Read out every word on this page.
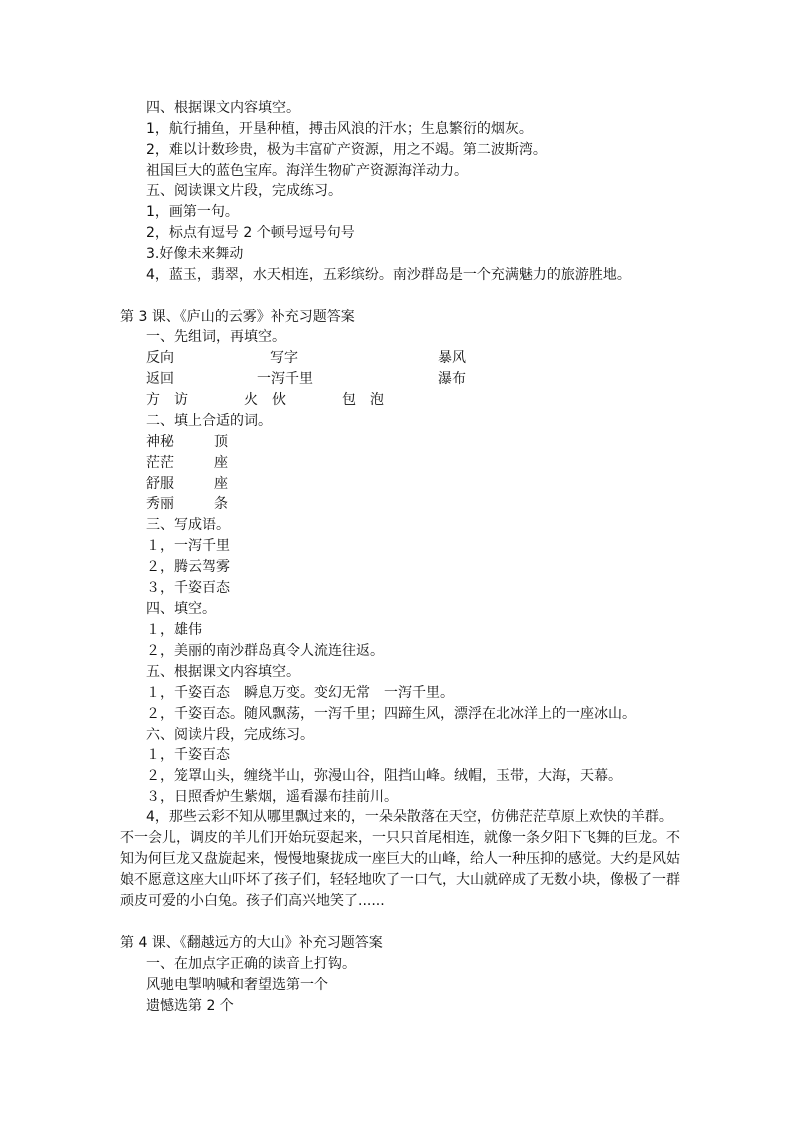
四、根据课文内容填空。
1，航行捕鱼，开垦种植，搏击风浪的汗水；生息繁衍的烟灰。
2，难以计数珍贵，极为丰富矿产资源，用之不竭。第二波斯湾。
祖国巨大的蓝色宝库。海洋生物矿产资源海洋动力。
五、阅读课文片段，完成练习。
1，画第一句。
2，标点有逗号 2 个顿号逗号句号
3.好像未来舞动
4，蓝玉，翡翠，水天相连，五彩缤纷。南沙群岛是一个充满魅力的旅游胜地。
第 3 课、《庐山的云雾》补充习题答案
一、先组词，再填空。
反向	写字	暴风
返回	一泻千里	瀑布
方　访	火　伙	包　泡
二、填上合适的词。
神秘	顶
茫茫	座
舒服	座
秀丽	条
三、写成语。
１，一泻千里
２，腾云驾雾
３，千姿百态
四、填空。
１，雄伟
２，美丽的南沙群岛真令人流连往返。
五、根据课文内容填空。
１，千姿百态　瞬息万变。变幻无常　一泻千里。
２，千姿百态。随风飘荡，一泻千里；四蹄生风，漂浮在北冰洋上的一座冰山。
六、阅读片段，完成练习。
１，千姿百态
２，笼罩山头，缠绕半山，弥漫山谷，阻挡山峰。绒帽，玉带，大海，天幕。
３，日照香炉生紫烟，遥看瀑布挂前川。
4，那些云彩不知从哪里飘过来的，一朵朵散落在天空，仿佛茫茫草原上欢快的羊群。不一会儿，调皮的羊儿们开始玩耍起来，一只只首尾相连，就像一条夕阳下飞舞的巨龙。不知为何巨龙又盘旋起来，慢慢地聚拢成一座巨大的山峰，给人一种压抑的感觉。大约是风姑娘不愿意这座大山吓坏了孩子们，轻轻地吹了一口气，大山就碎成了无数小块，像极了一群顽皮可爱的小白兔。孩子们高兴地笑了......
第 4 课、《翻越远方的大山》补充习题答案
一、在加点字正确的读音上打钩。
风驰电掣呐喊和奢望选第一个
遗憾选第 2 个
